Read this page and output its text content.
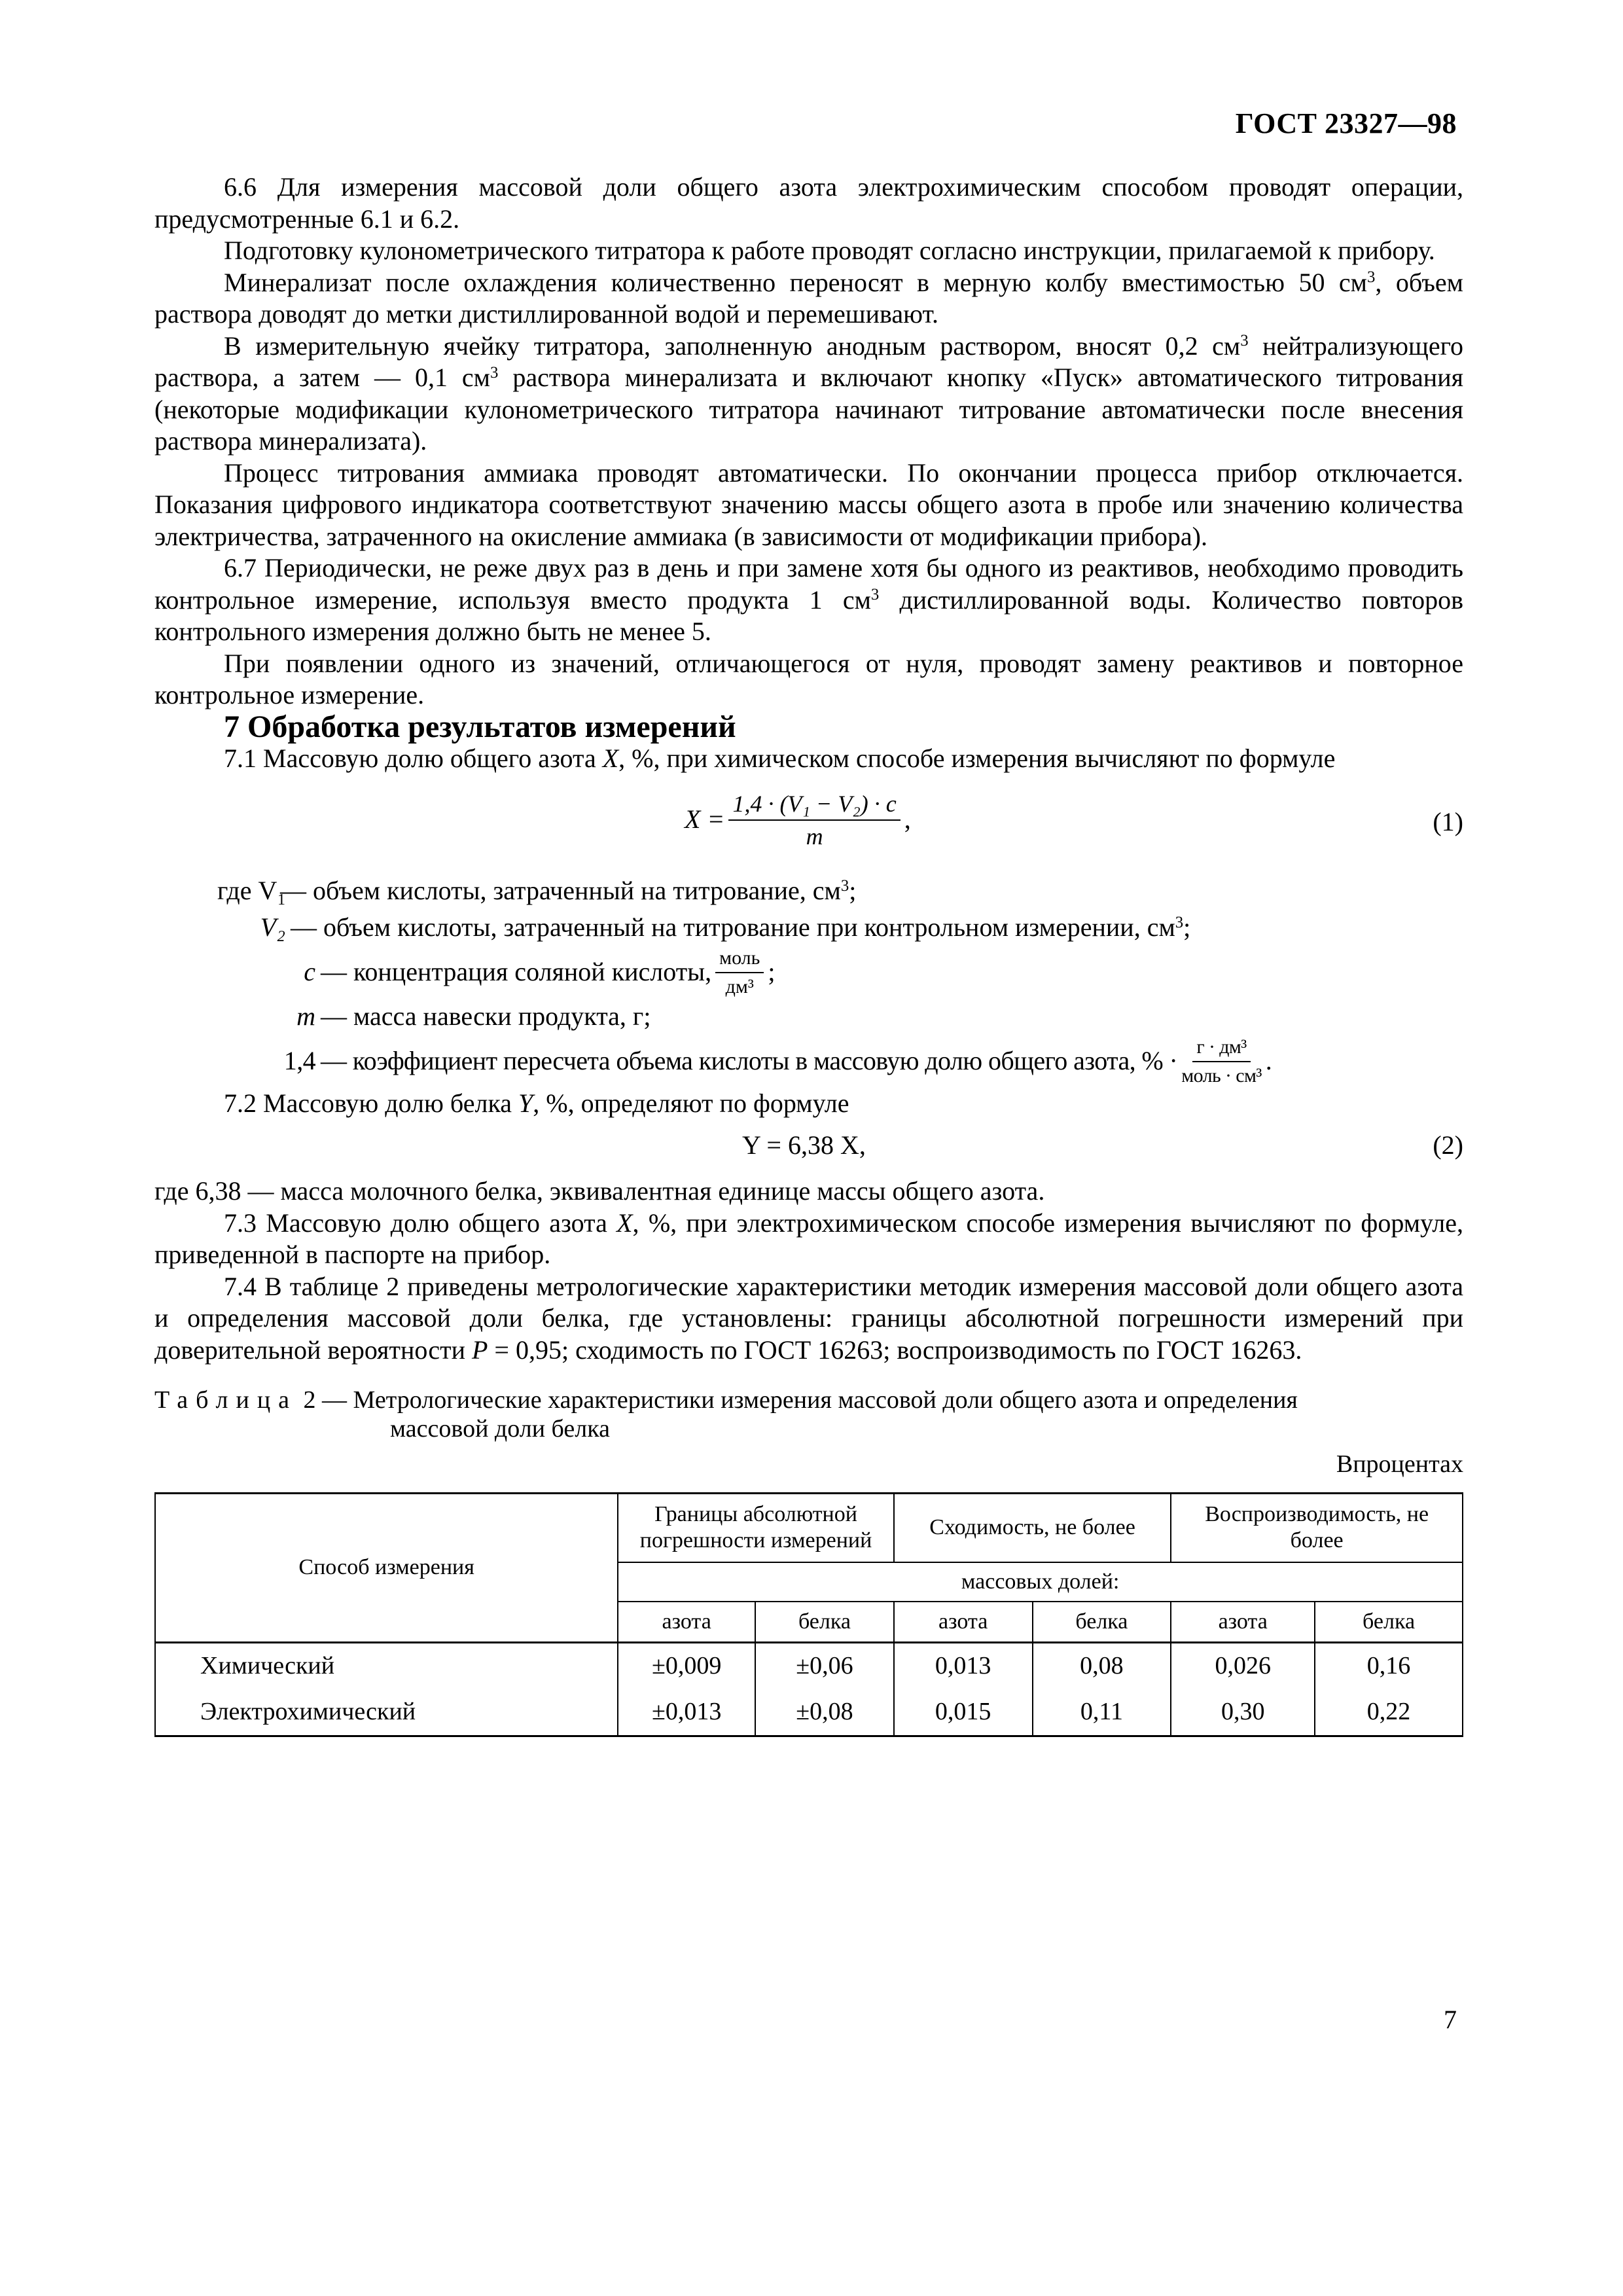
ГОСТ 23327—98

6.6 Для измерения массовой доли общего азота электрохимическим способом проводят операции, предусмотренные 6.1 и 6.2.

Подготовку кулонометрического титратора к работе проводят согласно инструкции, прилагаемой к прибору.

Минерализат после охлаждения количественно переносят в мерную колбу вместимостью 50 $см^3$, объем раствора доводят до метки дистиллированной водой и перемешивают.

В измерительную ячейку титратора, заполненную анодным раствором, вносят 0,2 $см^3$ нейтрализующего раствора, а затем — 0,1 $см^3$ раствора минерализата и включают кнопку «Пуск» автоматического титрования (некоторые модификации кулонометрического титратора начинают титрование автоматически после внесения раствора минерализата).

Процесс титрования аммиака проводят автоматически. По окончании процесса прибор отключается. Показания цифрового индикатора соответствуют значению массы общего азота в пробе или значению количества электричества, затраченного на окисление аммиака (в зависимости от модификации прибора).

6.7 Периодически, не реже двух раз в день и при замене хотя бы одного из реактивов, необходимо проводить контрольное измерение, используя вместо продукта 1 $см^3$ дистиллированной воды. Количество повторов контрольного измерения должно быть не менее 5.

При появлении одного из значений, отличающегося от нуля, проводят замену реактивов и повторное контрольное измерение.

7 Обработка результатов измерений

7.1 Массовую долю общего азота X, %, при химическом способе измерения вычисляют по формуле

$X = \frac{\text{1,4 · (V₁ − V₂) · c}}{m}$ ,	(1)
где V₁
— объем кислоты, затраченный на титрование, $см^3$ ;
V₂ — объем кислоты, затраченный на титрование при контрольном измерении, $см^3$ ;
c — концентрация соляной кислоты, $\frac{\text{моль}}{\text{дм³}}$ ;
m — масса навески продукта, г;
1,4 — коэффициент пересчета объема кислоты в массовую долю общего азота, % · $\frac{\text{г · дм³}}{\text{моль · см³}}$ .

7.2 Массовую долю белка Y, %, определяют по формуле

Y = 6,38 X,	(2)

где 6,38 — масса молочного белка, эквивалентная единице массы общего азота.

7.3 Массовую долю общего азота X, %, при электрохимическом способе измерения вычисляют по формуле, приведенной в паспорте на прибор.

7.4 В таблице 2 приведены метрологические характеристики методик измерения массовой доли общего азота и определения массовой доли белка, где установлены: границы абсолютной погрешности измерений при доверительной вероятности P = 0,95; сходимость по ГОСТ 16263; воспроизводимость по ГОСТ 16263.

Таблица 2 — Метрологические характеристики измерения массовой доли общего азота и определения
массовой доли белка
Впроцентах
Способ измерения	Границы абсолютной погрешности измерений		Сходимость, не более		Воспроизводимость, не более	
	массовых долей:					
	азота	белка	азота	белка	азота	белка
Химический	±0,009	±0,06	0,013	0,08	0,026	0,16
Электрохимический	±0,013	±0,08	0,015	0,11	0,30	0,22
7
